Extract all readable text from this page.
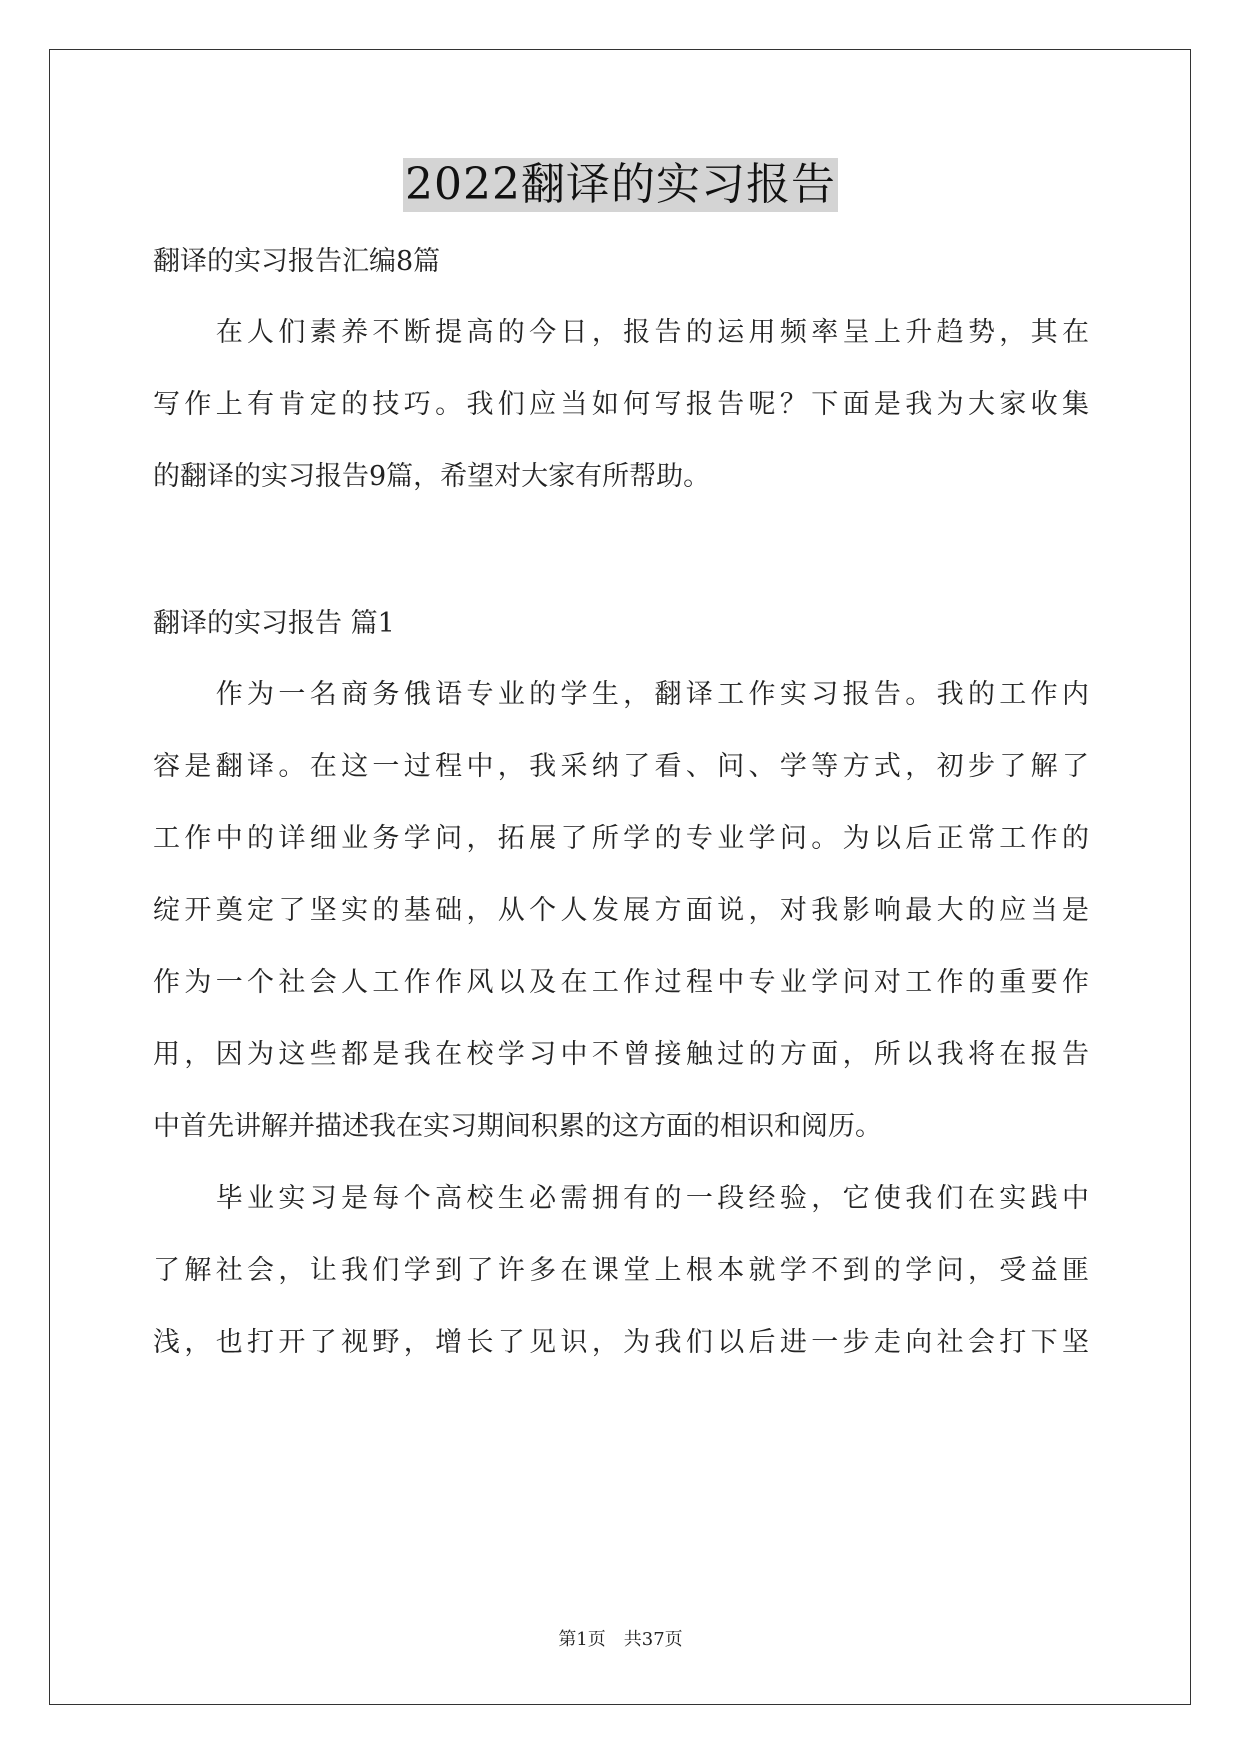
2022翻译的实习报告
翻译的实习报告汇编8篇
　　在人们素养不断提高的今日，报告的运用频率呈上升趋势，其在
写作上有肯定的技巧。我们应当如何写报告呢？下面是我为大家收集
的翻译的实习报告9篇，希望对大家有所帮助。
翻译的实习报告 篇1
　　作为一名商务俄语专业的学生，翻译工作实习报告。我的工作内
容是翻译。在这一过程中，我采纳了看、问、学等方式，初步了解了
工作中的详细业务学问，拓展了所学的专业学问。为以后正常工作的
绽开奠定了坚实的基础，从个人发展方面说，对我影响最大的应当是
作为一个社会人工作作风以及在工作过程中专业学问对工作的重要作
用，因为这些都是我在校学习中不曾接触过的方面，所以我将在报告
中首先讲解并描述我在实习期间积累的这方面的相识和阅历。
　　毕业实习是每个高校生必需拥有的一段经验，它使我们在实践中
了解社会，让我们学到了许多在课堂上根本就学不到的学问，受益匪
浅，也打开了视野，增长了见识，为我们以后进一步走向社会打下坚
第1页　共37页
